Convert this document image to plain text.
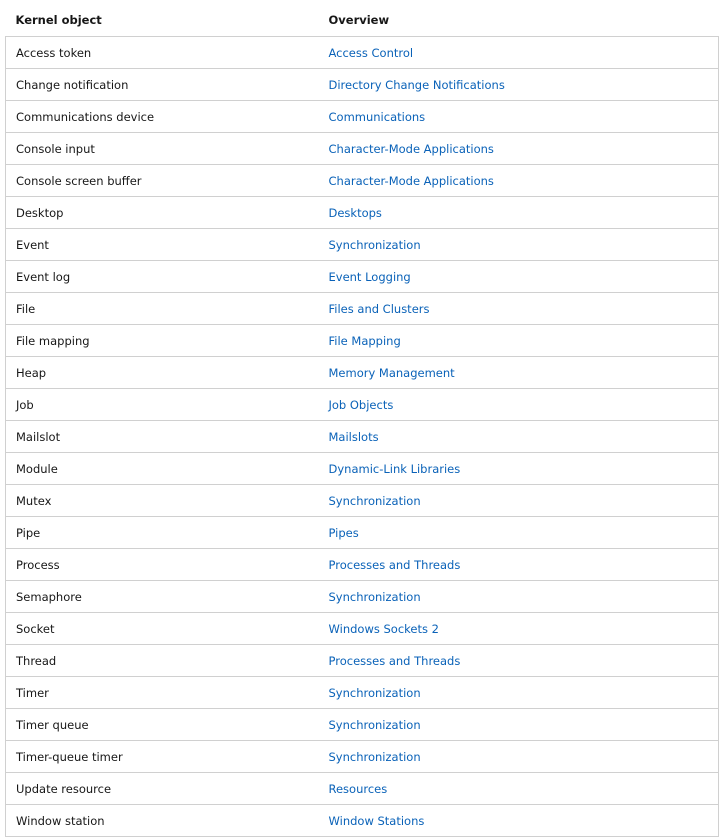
Kernel object	Overview
Access token	Access Control
Change notification	Directory Change Notifications
Communications device	Communications
Console input	Character-Mode Applications
Console screen buffer	Character-Mode Applications
Desktop	Desktops
Event	Synchronization
Event log	Event Logging
File	Files and Clusters
File mapping	File Mapping
Heap	Memory Management
Job	Job Objects
Mailslot	Mailslots
Module	Dynamic-Link Libraries
Mutex	Synchronization
Pipe	Pipes
Process	Processes and Threads
Semaphore	Synchronization
Socket	Windows Sockets 2
Thread	Processes and Threads
Timer	Synchronization
Timer queue	Synchronization
Timer-queue timer	Synchronization
Update resource	Resources
Window station	Window Stations
